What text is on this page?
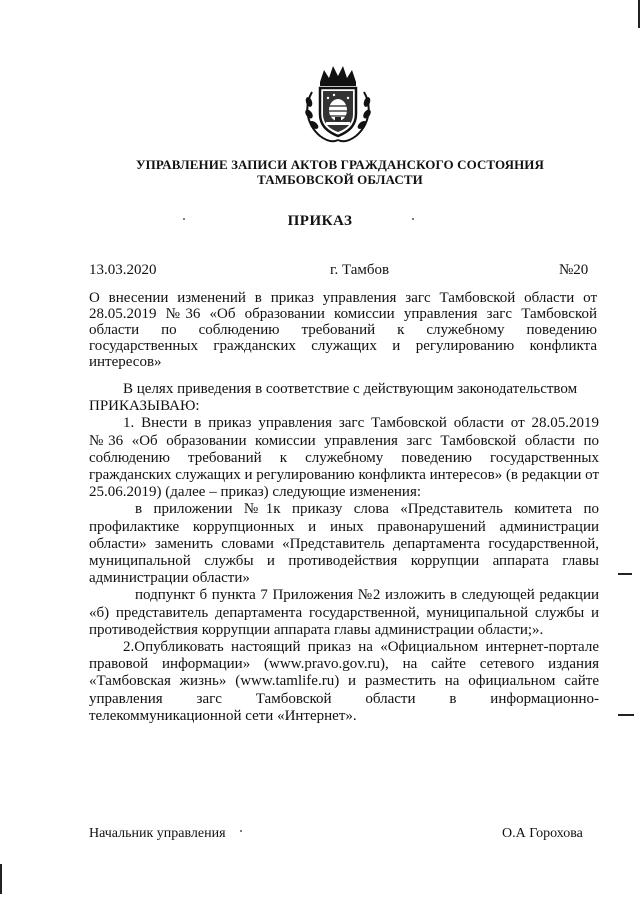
УПРАВЛЕНИЕ ЗАПИСИ АКТОВ ГРАЖДАНСКОГО СОСТОЯНИЯ
ТАМБОВСКОЙ ОБЛАСТИ
ПРИКАЗ
13.03.2020	г. Тамбов	№20
О внесении изменений в приказ управления загс Тамбовской области от 28.05.2019 №36 «Об образовании комиссии управления загс Тамбовской области по соблюдению требований к служебному поведению государственных гражданских служащих и регулированию конфликта интересов»

В целях приведения в соответствие с действующим законодательством

ПРИКАЗЫВАЮ:

1. Внести в приказ управления загс Тамбовской области от 28.05.2019 №36 «Об образовании комиссии управления загс Тамбовской области по соблюдению требований к служебному поведению государственных гражданских служащих и регулированию конфликта интересов» (в редакции от 25.06.2019) (далее – приказ) следующие изменения:

в приложении №1к приказу слова «Представитель комитета по профилактике коррупционных и иных правонарушений администрации области» заменить словами «Представитель департамента государственной, муниципальной службы и противодействия коррупции аппарата главы администрации области»

подпункт б пункта 7 Приложения №2 изложить в следующей редакции «б) представитель департамента государственной, муниципальной службы и противодействия коррупции аппарата главы администрации области;».

2.Опубликовать настоящий приказ на «Официальном интернет-портале правовой информации» (www.pravo.gov.ru), на сайте сетевого издания «Тамбовская жизнь» (www.tamlife.ru) и разместить на официальном сайте управления загс Тамбовской области в информационно-телекоммуникационной сети «Интернет».

Начальник управления	О.А Горохова
